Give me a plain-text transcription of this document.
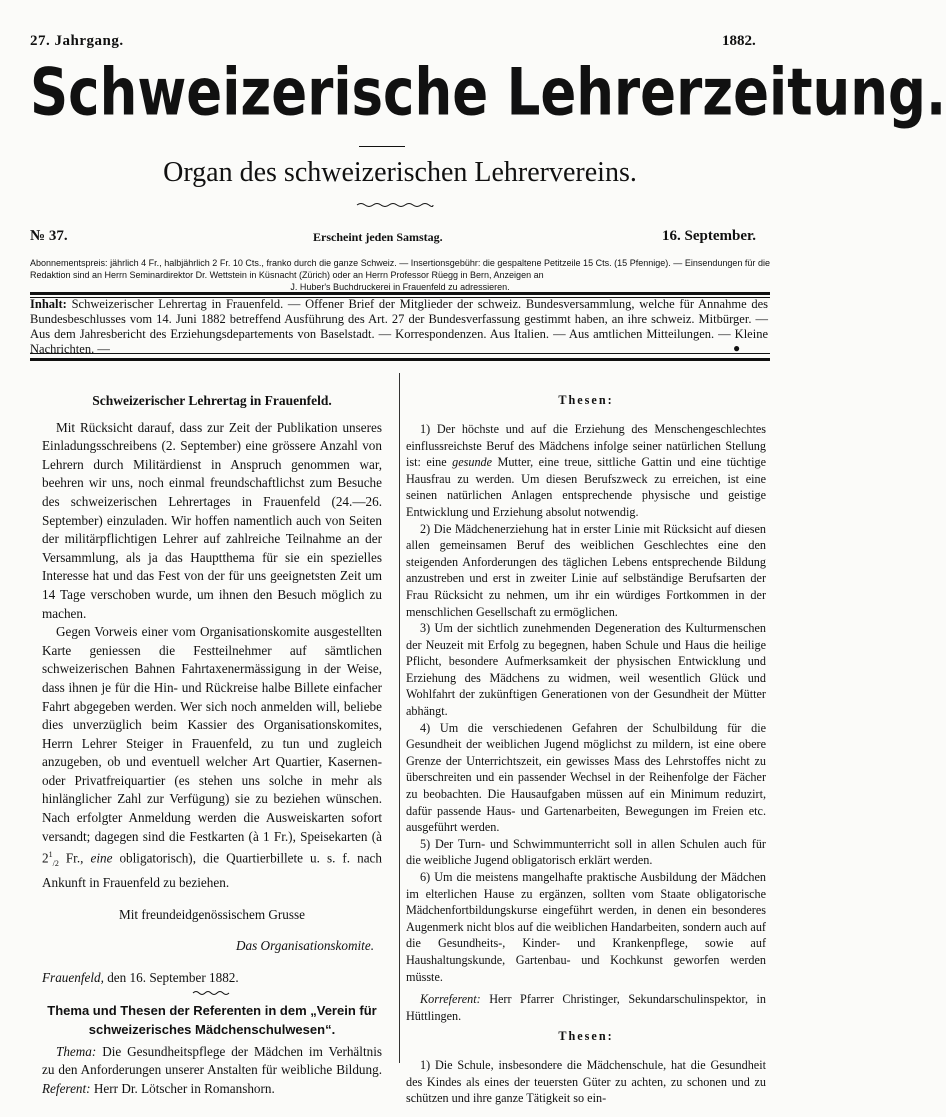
27. Jahrgang.	1882.
Schweizerische Lehrerzeitung.
Organ des schweizerischen Lehrervereins.
№ 37.	Erscheint jeden Samstag.	16. September.
Abonnementspreis: jährlich 4 Fr., halbjährlich 2 Fr. 10 Cts., franko durch die ganze Schweiz. — Insertionsgebühr: die gespaltene Petitzeile 15 Cts. (15 Pfennige). — Einsendungen für die Redaktion sind an Herrn Seminardirektor Dr. Wettstein in Küsnacht (Zürich) oder an Herrn Professor Rüegg in Bern, Anzeigen an
J. Huber's Buchdruckerei in Frauenfeld zu adressieren.
Inhalt: Schweizerischer Lehrertag in Frauenfeld. — Offener Brief der Mitglieder der schweiz. Bundesversammlung, welche für Annahme des Bundesbeschlusses vom 14. Juni 1882 betreffend Ausführung des Art. 27 der Bundesverfassung gestimmt haben, an ihre schweiz. Mitbürger. — Aus dem Jahresbericht des Erziehungsdepartements von Baselstadt. — Korrespondenzen. Aus Italien. — Aus amtlichen Mitteilungen. — Kleine Nachrichten. —	●

Schweizerischer Lehrertag in Frauenfeld.

Mit Rücksicht darauf, dass zur Zeit der Publikation unseres Einladungsschreibens (2. September) eine grössere Anzahl von Lehrern durch Militärdienst in Anspruch genommen war, beehren wir uns, noch einmal freundschaftlichst zum Besuche des schweizerischen Lehrertages in Frauenfeld (24.—26. September) einzuladen. Wir hoffen namentlich auch von Seiten der militärpflichtigen Lehrer auf zahlreiche Teilnahme an der Versammlung, als ja das Hauptthema für sie ein spezielles Interesse hat und das Fest von der für uns geeignetsten Zeit um 14 Tage verschoben wurde, um ihnen den Besuch möglich zu machen.

Gegen Vorweis einer vom Organisationskomite ausgestellten Karte geniessen die Festteilnehmer auf sämtlichen schweizerischen Bahnen Fahrtaxenermässigung in der Weise, dass ihnen je für die Hin- und Rückreise halbe Billete einfacher Fahrt abgegeben werden. Wer sich noch anmelden will, beliebe dies unverzüglich beim Kassier des Organisationskomites, Herrn Lehrer Steiger in Frauenfeld, zu tun und zugleich anzugeben, ob und eventuell welcher Art Quartier, Kasernen- oder Privatfreiquartier (es stehen uns solche in mehr als hinlänglicher Zahl zur Verfügung) sie zu beziehen wünschen. Nach erfolgter Anmeldung werden die Ausweiskarten sofort versandt; dagegen sind die Festkarten (à 1 Fr.), Speisekarten (à $2^1_{/2}$ Fr., eine obligatorisch), die Quartierbillete u. s. f. nach Ankunft in Frauenfeld zu beziehen.

Mit freundeidgenössischem Grusse

Das Organisationskomite.

Frauenfeld, den 16. September 1882.

Thema und Thesen der Referenten in dem „Verein für schweizerisches Mädchenschulwesen“.

Thema: Die Gesundheitspflege der Mädchen im Verhältnis zu den Anforderungen unserer Anstalten für weibliche Bildung. Referent: Herr Dr. Lötscher in Romanshorn.

Thesen:

1) Der höchste und auf die Erziehung des Menschengeschlechtes einflussreichste Beruf des Mädchens infolge seiner natürlichen Stellung ist: eine gesunde Mutter, eine treue, sittliche Gattin und eine tüchtige Hausfrau zu werden. Um diesen Berufszweck zu erreichen, ist eine seinen natürlichen Anlagen entsprechende physische und geistige Entwicklung und Erziehung absolut notwendig.

2) Die Mädchenerziehung hat in erster Linie mit Rücksicht auf diesen allen gemeinsamen Beruf des weiblichen Geschlechtes eine den steigenden Anforderungen des täglichen Lebens entsprechende Bildung anzustreben und erst in zweiter Linie auf selbständige Berufsarten der Frau Rücksicht zu nehmen, um ihr ein würdiges Fortkommen in der menschlichen Gesellschaft zu ermöglichen.

3) Um der sichtlich zunehmenden Degeneration des Kulturmenschen der Neuzeit mit Erfolg zu begegnen, haben Schule und Haus die heilige Pflicht, besondere Aufmerksamkeit der physischen Entwicklung und Erziehung des Mädchens zu widmen, weil wesentlich Glück und Wohlfahrt der zukünftigen Generationen von der Gesundheit der Mütter abhängt.

4) Um die verschiedenen Gefahren der Schulbildung für die Gesundheit der weiblichen Jugend möglichst zu mildern, ist eine obere Grenze der Unterrichtszeit, ein gewisses Mass des Lehrstoffes nicht zu überschreiten und ein passender Wechsel in der Reihenfolge der Fächer zu beobachten. Die Hausaufgaben müssen auf ein Minimum reduzirt, dafür passende Haus- und Gartenarbeiten, Bewegungen im Freien etc. ausgeführt werden.

5) Der Turn- und Schwimmunterricht soll in allen Schulen auch für die weibliche Jugend obligatorisch erklärt werden.

6) Um die meistens mangelhafte praktische Ausbildung der Mädchen im elterlichen Hause zu ergänzen, sollten vom Staate obligatorische Mädchenfortbildungskurse eingeführt werden, in denen ein besonderes Augenmerk nicht blos auf die weiblichen Handarbeiten, sondern auch auf die Gesundheits-, Kinder- und Krankenpflege, sowie auf Haushaltungskunde, Gartenbau- und Kochkunst geworfen werden müsste.

Korreferent: Herr Pfarrer Christinger, Sekundarschulinspektor, in Hüttlingen.

Thesen:

1) Die Schule, insbesondere die Mädchenschule, hat die Gesundheit des Kindes als eines der teuersten Güter zu achten, zu schonen und zu schützen und ihre ganze Tätigkeit so ein-
